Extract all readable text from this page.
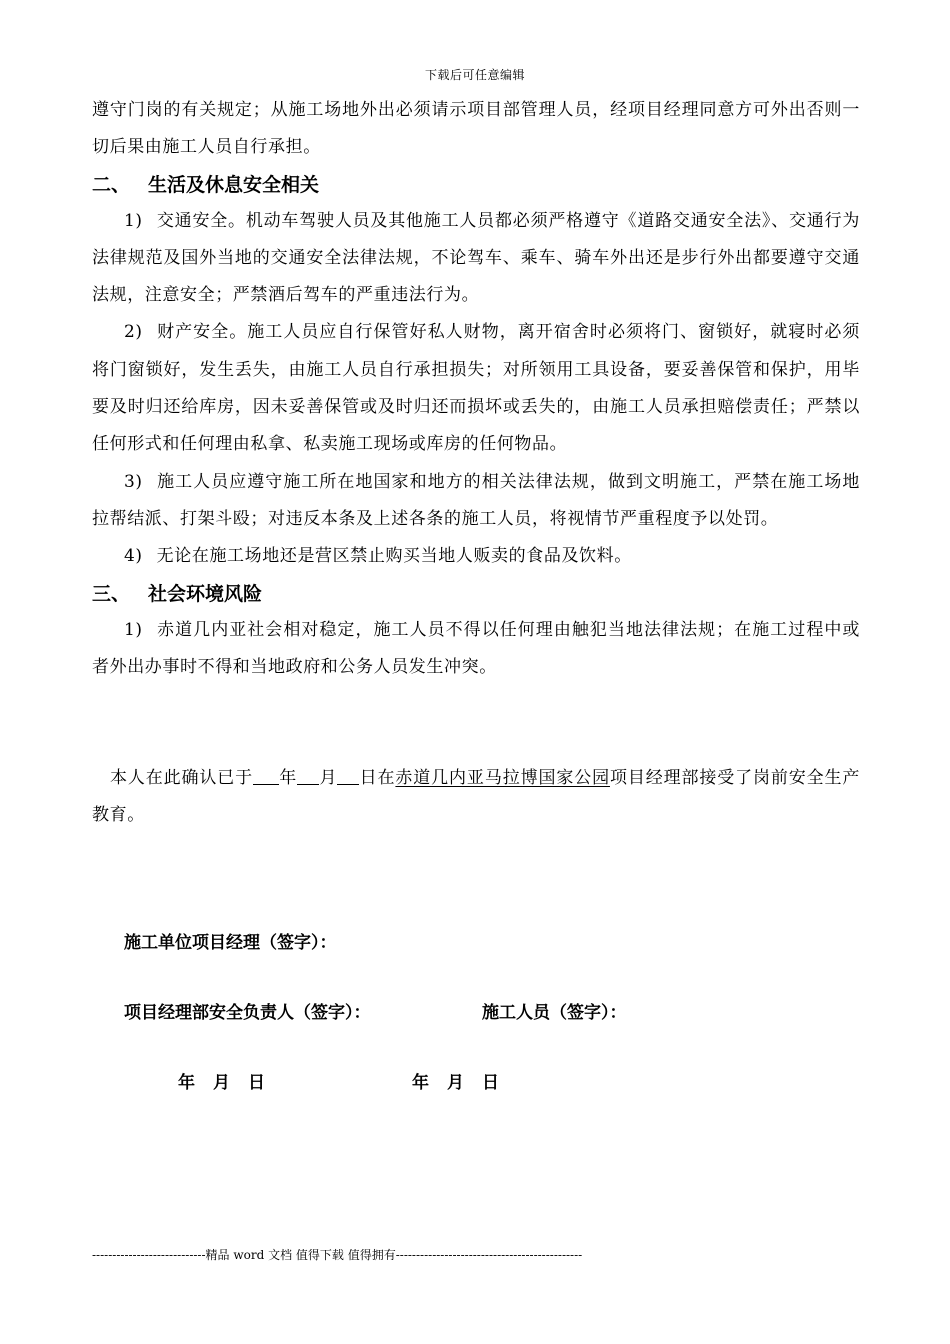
下载后可任意编辑

遵守门岗的有关规定；从施工场地外出必须请示项目部管理人员，经项目经理同意方可外出否则一切后果由施工人员自行承担。

二、 生活及休息安全相关

1) 交通安全。机动车驾驶人员及其他施工人员都必须严格遵守《道路交通安全法》、交通行为法律规范及国外当地的交通安全法律法规，不论驾车、乘车、骑车外出还是步行外出都要遵守交通法规，注意安全；严禁酒后驾车的严重违法行为。

2) 财产安全。施工人员应自行保管好私人财物，离开宿舍时必须将门、窗锁好，就寝时必须将门窗锁好，发生丢失，由施工人员自行承担损失；对所领用工具设备，要妥善保管和保护，用毕要及时归还给库房，因未妥善保管或及时归还而损坏或丢失的，由施工人员承担赔偿责任；严禁以任何形式和任何理由私拿、私卖施工现场或库房的任何物品。

3) 施工人员应遵守施工所在地国家和地方的相关法律法规，做到文明施工，严禁在施工场地拉帮结派、打架斗殴；对违反本条及上述各条的施工人员，将视情节严重程度予以处罚。

4) 无论在施工场地还是营区禁止购买当地人贩卖的食品及饮料。

三、 社会环境风险

1) 赤道几内亚社会相对稳定，施工人员不得以任何理由触犯当地法律法规；在施工过程中或者外出办事时不得和当地政府和公务人员发生冲突。

本人在此确认已于 年 月 日在赤道几内亚马拉博国家公园项目经理部接受了岗前安全生产教育。

施工单位项目经理（签字）：
项目经理部安全负责人（签字）：	施工人员（签字）：
年 月 日	年 月 日
----------------------------精品 word 文档 值得下载 值得拥有----------------------------------------------
